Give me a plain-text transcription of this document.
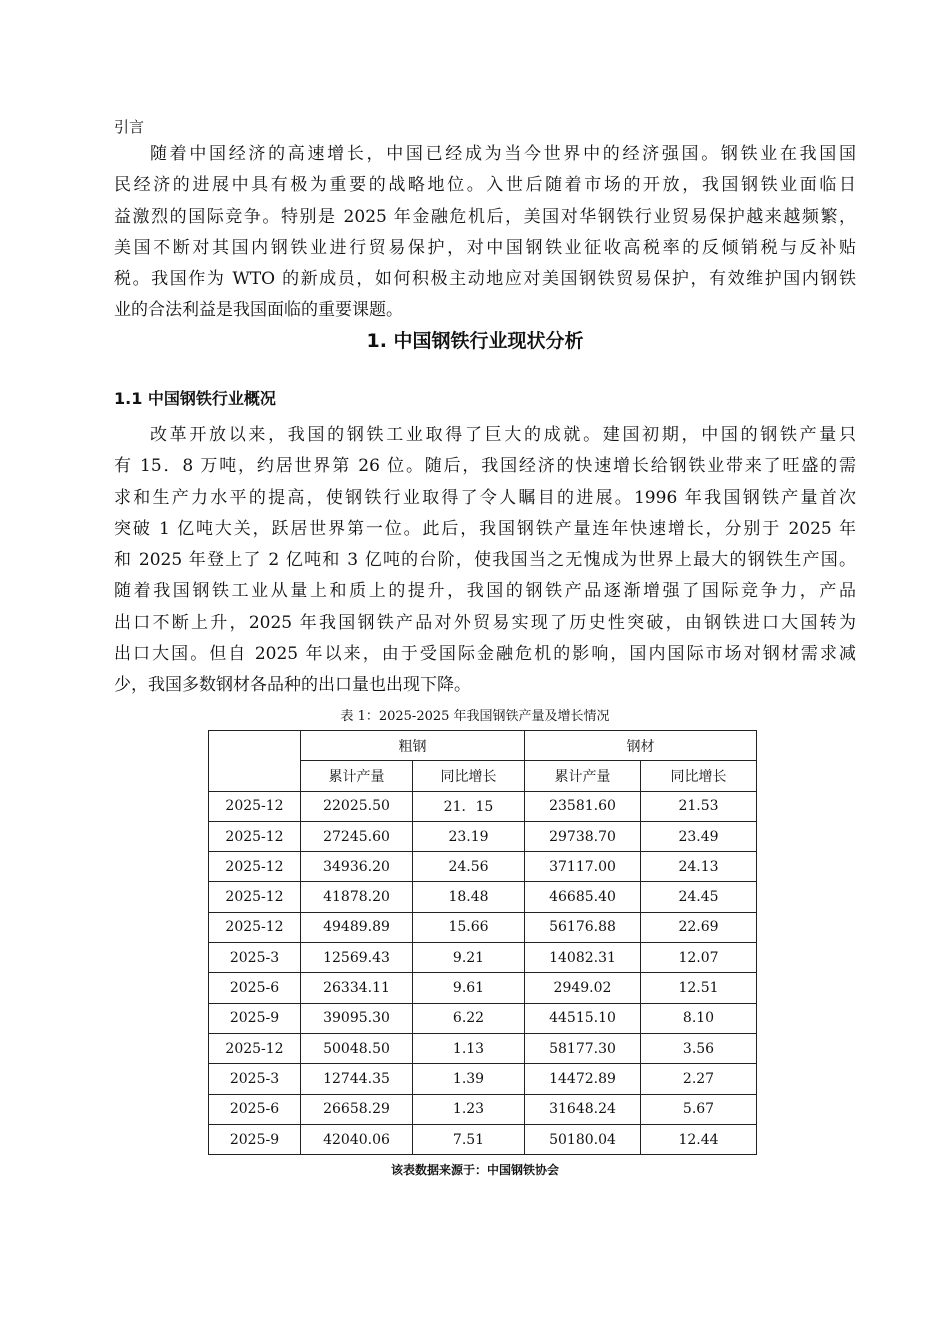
引言

随着中国经济的高速增长，中国已经成为当今世界中的经济强国。钢铁业在我国国
民经济的进展中具有极为重要的战略地位。入世后随着市场的开放，我国钢铁业面临日
益激烈的国际竞争。特别是 2025 年金融危机后，美国对华钢铁行业贸易保护越来越频繁，
美国不断对其国内钢铁业进行贸易保护，对中国钢铁业征收高税率的反倾销税与反补贴
税。我国作为 WTO 的新成员，如何积极主动地应对美国钢铁贸易保护，有效维护国内钢铁
业的合法利益是我国面临的重要课题。

1. 中国钢铁行业现状分析
1.1 中国钢铁行业概况

改革开放以来，我国的钢铁工业取得了巨大的成就。建国初期，中国的钢铁产量只
有 15．8 万吨，约居世界第 26 位。随后，我国经济的快速增长给钢铁业带来了旺盛的需
求和生产力水平的提高，使钢铁行业取得了令人瞩目的进展。1996 年我国钢铁产量首次
突破 1 亿吨大关，跃居世界第一位。此后，我国钢铁产量连年快速增长，分别于 2025 年
和 2025 年登上了 2 亿吨和 3 亿吨的台阶，使我国当之无愧成为世界上最大的钢铁生产国。
随着我国钢铁工业从量上和质上的提升，我国的钢铁产品逐渐增强了国际竞争力，产品
出口不断上升，2025 年我国钢铁产品对外贸易实现了历史性突破，由钢铁进口大国转为
出口大国。但自 2025 年以来，由于受国际金融危机的影响，国内国际市场对钢材需求减
少，我国多数钢材各品种的出口量也出现下降。

表 1：2025-2025 年我国钢铁产量及增长情况
	粗钢		钢材	
	累计产量	同比增长	累计产量	同比增长
2025-12	22025.50	21．15	23581.60	21.53
2025-12	27245.60	23.19	29738.70	23.49
2025-12	34936.20	24.56	37117.00	24.13
2025-12	41878.20	18.48	46685.40	24.45
2025-12	49489.89	15.66	56176.88	22.69
2025-3	12569.43	9.21	14082.31	12.07
2025-6	26334.11	9.61	2949.02	12.51
2025-9	39095.30	6.22	44515.10	8.10
2025-12	50048.50	1.13	58177.30	3.56
2025-3	12744.35	1.39	14472.89	2.27
2025-6	26658.29	1.23	31648.24	5.67
2025-9	42040.06	7.51	50180.04	12.44
该表数据来源于：中国钢铁协会
